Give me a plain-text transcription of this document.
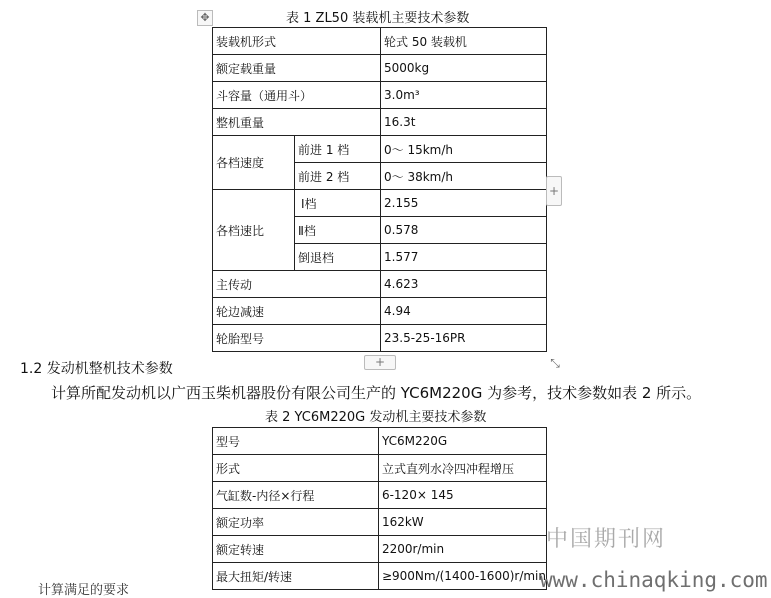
表 1 ZL50 装载机主要技术参数
✥
装载机形式		轮式 50 装载机
额定载重量		5000kg
斗容量（通用斗）		3.0m³
整机重量		16.3t
各档速度	前进 1 档	0～ 15km/h
	前进 2 档	0～ 38km/h
各档速比	Ⅰ档	2.155
	Ⅱ档	0.578
	倒退档	1.577
主传动		4.623
轮边减速		4.94
轮胎型号		23.5-25-16PR
+
+	⤡
1.2 发动机整机技术参数
计算所配发动机以广西玉柴机器股份有限公司生产的 YC6M220G 为参考，技术参数如表 2 所示。
表 2 YC6M220G 发动机主要技术参数
型号	YC6M220G
形式	立式直列水冷四冲程增压
气缸数-内径×行程	6-120× 145
额定功率	162kW
额定转速	2200r/min
最大扭矩/转速	≥900Nm/(1400-1600)r/min
中国期刊网
www.chinaqking.com
计算满足的要求
